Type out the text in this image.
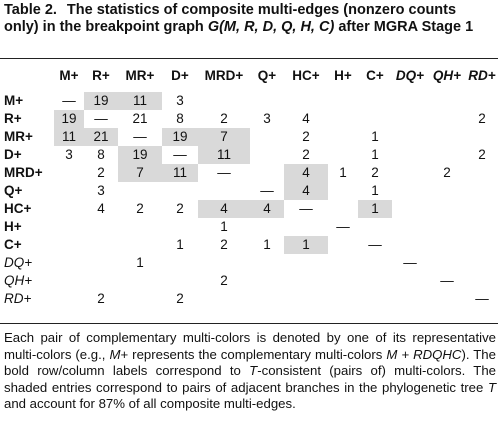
Table 2. The statistics of composite multi-edges (nonzero counts only) in the breakpoint graph G(M, R, D, Q, H, C) after MGRA Stage 1
	M+	R+	MR+	D+	MRD+	Q+	HC+	H+	C+	DQ+	QH+	RD+
M+	—	19	11	3								
R+	19	—	21	8	2	3	4					2
MR+	11	21	—	19	7		2		1			
D+	3	8	19	—	11		2		1			2
MRD+		2	7	11	—		4	1	2		2	
Q+		3				—	4		1			
HC+		4	2	2	4	4	—		1			
H+					1			—				
C+				1	2	1	1		—			
DQ+			1							—		
QH+					2						—	
RD+		2		2								—
Each pair of complementary multi-colors is denoted by one of its representative multi-colors (e.g., M+ represents the complementary multi-colors M + RDQHC). The bold row/column labels correspond to T-consistent (pairs of) multi-colors. The shaded entries correspond to pairs of adjacent branches in the phylogenetic tree T and account for 87% of all composite multi-edges.
